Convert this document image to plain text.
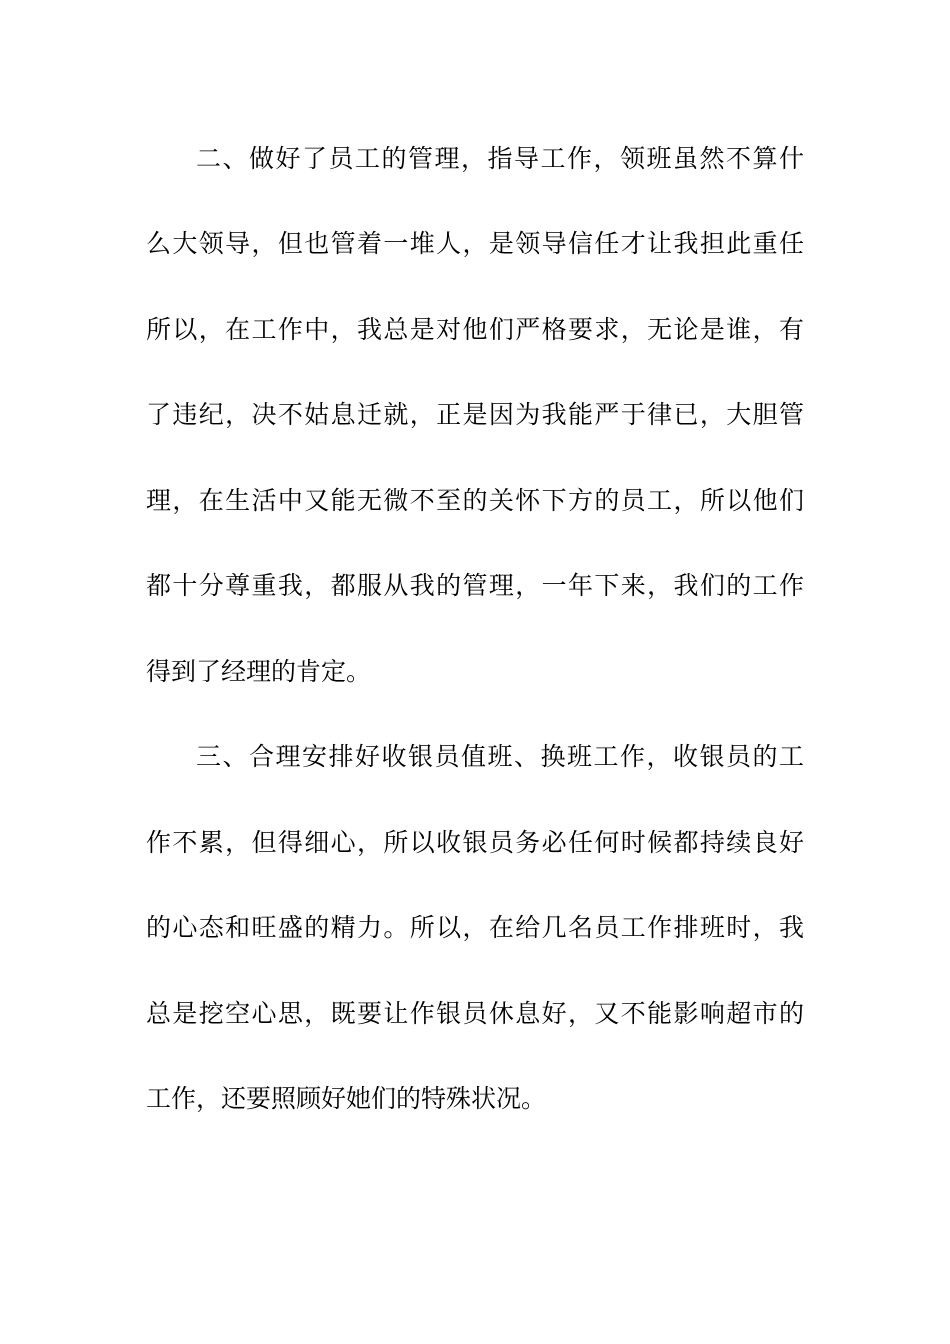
二、做好了员工的管理，指导工作，领班虽然不算什
么大领导，但也管着一堆人，是领导信任才让我担此重任
所以，在工作中，我总是对他们严格要求，无论是谁，有
了违纪，决不姑息迁就，正是因为我能严于律已，大胆管
理，在生活中又能无微不至的关怀下方的员工，所以他们
都十分尊重我，都服从我的管理，一年下来，我们的工作
得到了经理的肯定。
三、合理安排好收银员值班、换班工作，收银员的工
作不累，但得细心，所以收银员务必任何时候都持续良好
的心态和旺盛的精力。所以，在给几名员工作排班时，我
总是挖空心思，既要让作银员休息好，又不能影响超市的
工作，还要照顾好她们的特殊状况。
